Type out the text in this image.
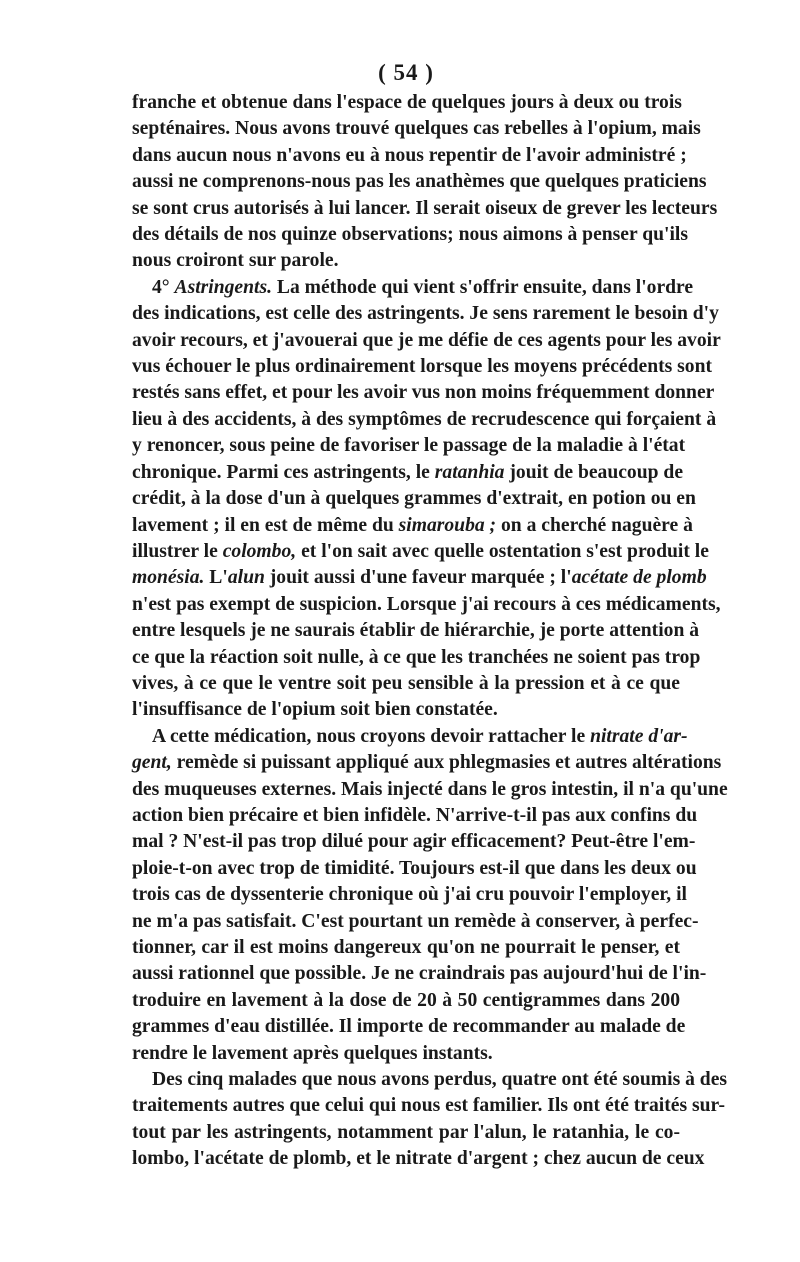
( 54 )

franche et obtenue dans l'espace de quelques jours à deux ou trois
septénaires. Nous avons trouvé quelques cas rebelles à l'opium, mais
dans aucun nous n'avons eu à nous repentir de l'avoir administré ;
aussi ne comprenons-nous pas les anathèmes que quelques praticiens
se sont crus autorisés à lui lancer. Il serait oiseux de grever les lecteurs
des détails de nos quinze observations; nous aimons à penser qu'ils
nous croiront sur parole.

4° Astringents. La méthode qui vient s'offrir ensuite, dans l'ordre
des indications, est celle des astringents. Je sens rarement le besoin d'y
avoir recours, et j'avouerai que je me défie de ces agents pour les avoir
vus échouer le plus ordinairement lorsque les moyens précédents sont
restés sans effet, et pour les avoir vus non moins fréquemment donner
lieu à des accidents, à des symptômes de recrudescence qui forçaient à
y renoncer, sous peine de favoriser le passage de la maladie à l'état
chronique. Parmi ces astringents, le ratanhia jouit de beaucoup de
crédit, à la dose d'un à quelques grammes d'extrait, en potion ou en
lavement ; il en est de même du simarouba ; on a cherché naguère à
illustrer le colombo, et l'on sait avec quelle ostentation s'est produit le
monésia. L'alun jouit aussi d'une faveur marquée ; l'acétate de plomb
n'est pas exempt de suspicion. Lorsque j'ai recours à ces médicaments,
entre lesquels je ne saurais établir de hiérarchie, je porte attention à
ce que la réaction soit nulle, à ce que les tranchées ne soient pas trop
vives, à ce que le ventre soit peu sensible à la pression et à ce que
l'insuffisance de l'opium soit bien constatée.

A cette médication, nous croyons devoir rattacher le nitrate d'ar-
gent, remède si puissant appliqué aux phlegmasies et autres altérations
des muqueuses externes. Mais injecté dans le gros intestin, il n'a qu'une
action bien précaire et bien infidèle. N'arrive-t-il pas aux confins du
mal ? N'est-il pas trop dilué pour agir efficacement? Peut-être l'em-
ploie-t-on avec trop de timidité. Toujours est-il que dans les deux ou
trois cas de dyssenterie chronique où j'ai cru pouvoir l'employer, il
ne m'a pas satisfait. C'est pourtant un remède à conserver, à perfec-
tionner, car il est moins dangereux qu'on ne pourrait le penser, et
aussi rationnel que possible. Je ne craindrais pas aujourd'hui de l'in-
troduire en lavement à la dose de 20 à 50 centigrammes dans 200
grammes d'eau distillée. Il importe de recommander au malade de
rendre le lavement après quelques instants.

Des cinq malades que nous avons perdus, quatre ont été soumis à des
traitements autres que celui qui nous est familier. Ils ont été traités sur-
tout par les astringents, notamment par l'alun, le ratanhia, le co-
lombo, l'acétate de plomb, et le nitrate d'argent ; chez aucun de ceux
